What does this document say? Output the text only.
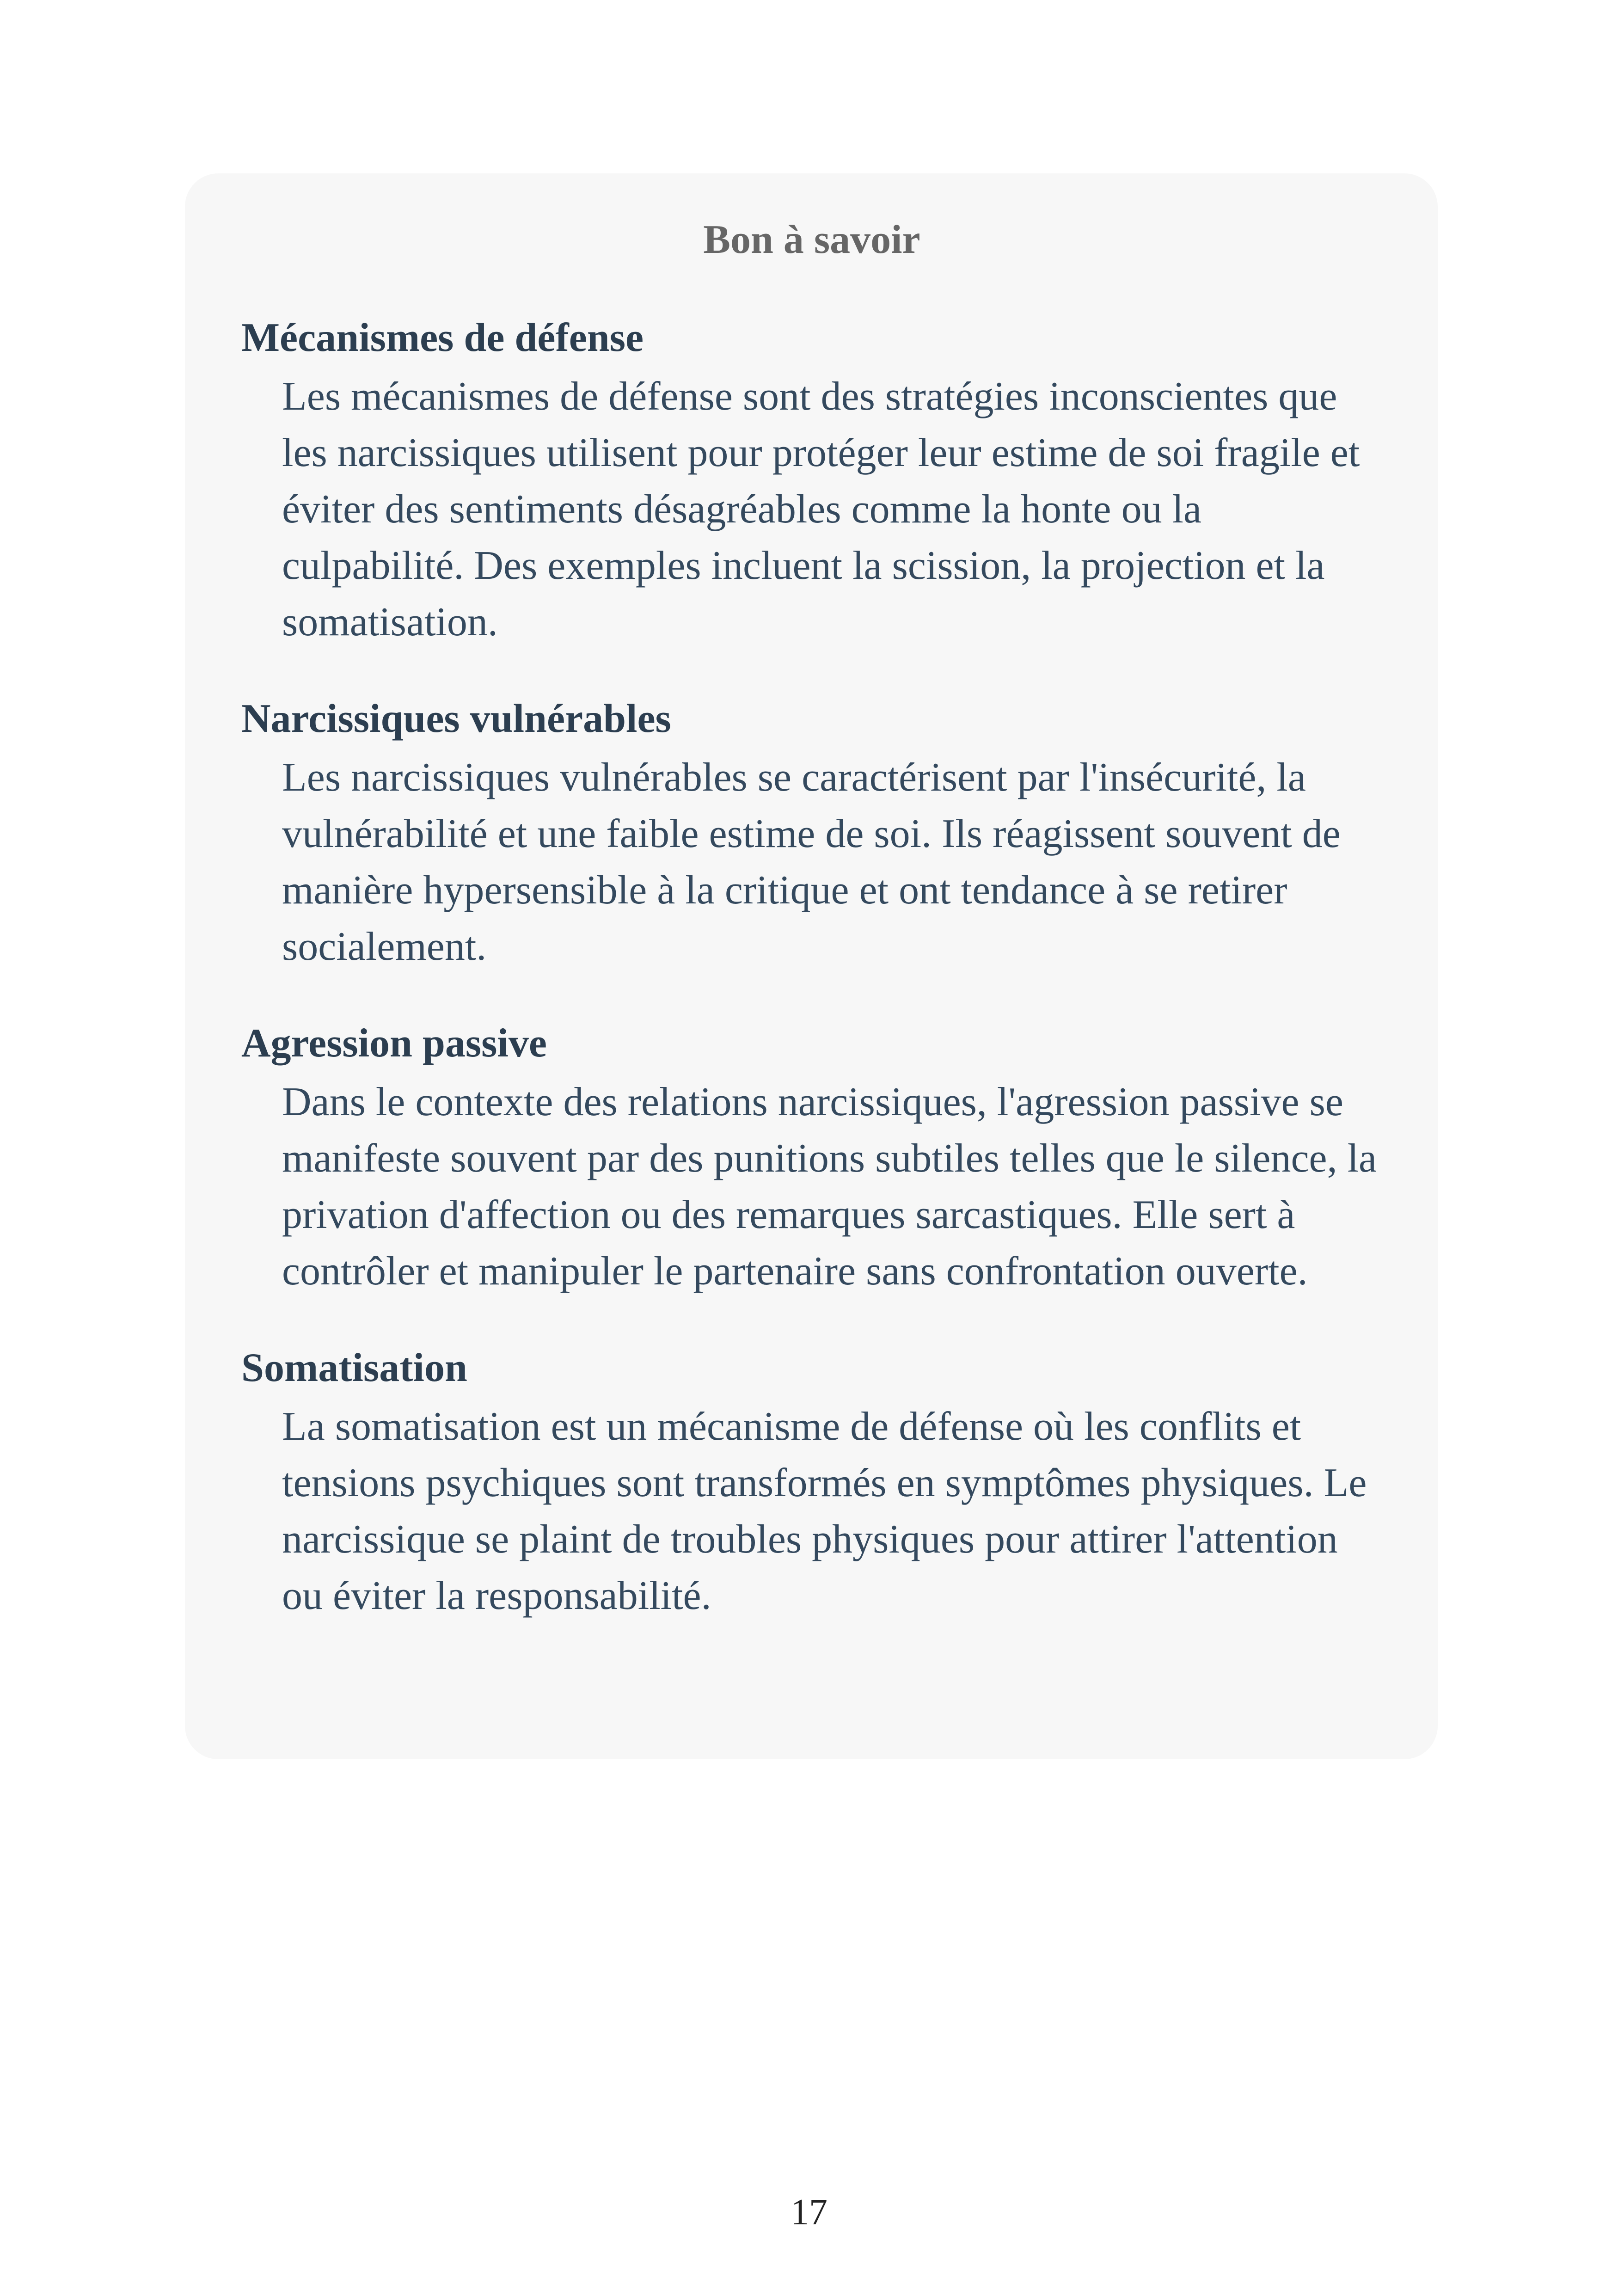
Bon à savoir
Mécanismes de défense
Les mécanismes de défense sont des stratégies inconscientes que les narcissiques utilisent pour protéger leur estime de soi fragile et éviter des sentiments désagréables comme la honte ou la culpabilité. Des exemples incluent la scission, la projection et la somatisation.
Narcissiques vulnérables
Les narcissiques vulnérables se caractérisent par l'insécurité, la vulnérabilité et une faible estime de soi. Ils réagissent souvent de manière hypersensible à la critique et ont tendance à se retirer socialement.
Agression passive
Dans le contexte des relations narcissiques, l'agression passive se manifeste souvent par des punitions subtiles telles que le silence, la privation d'affection ou des remarques sarcastiques. Elle sert à contrôler et manipuler le partenaire sans confrontation ouverte.
Somatisation
La somatisation est un mécanisme de défense où les conflits et tensions psychiques sont transformés en symptômes physiques. Le narcissique se plaint de troubles physiques pour attirer l'attention ou éviter la responsabilité.
17
